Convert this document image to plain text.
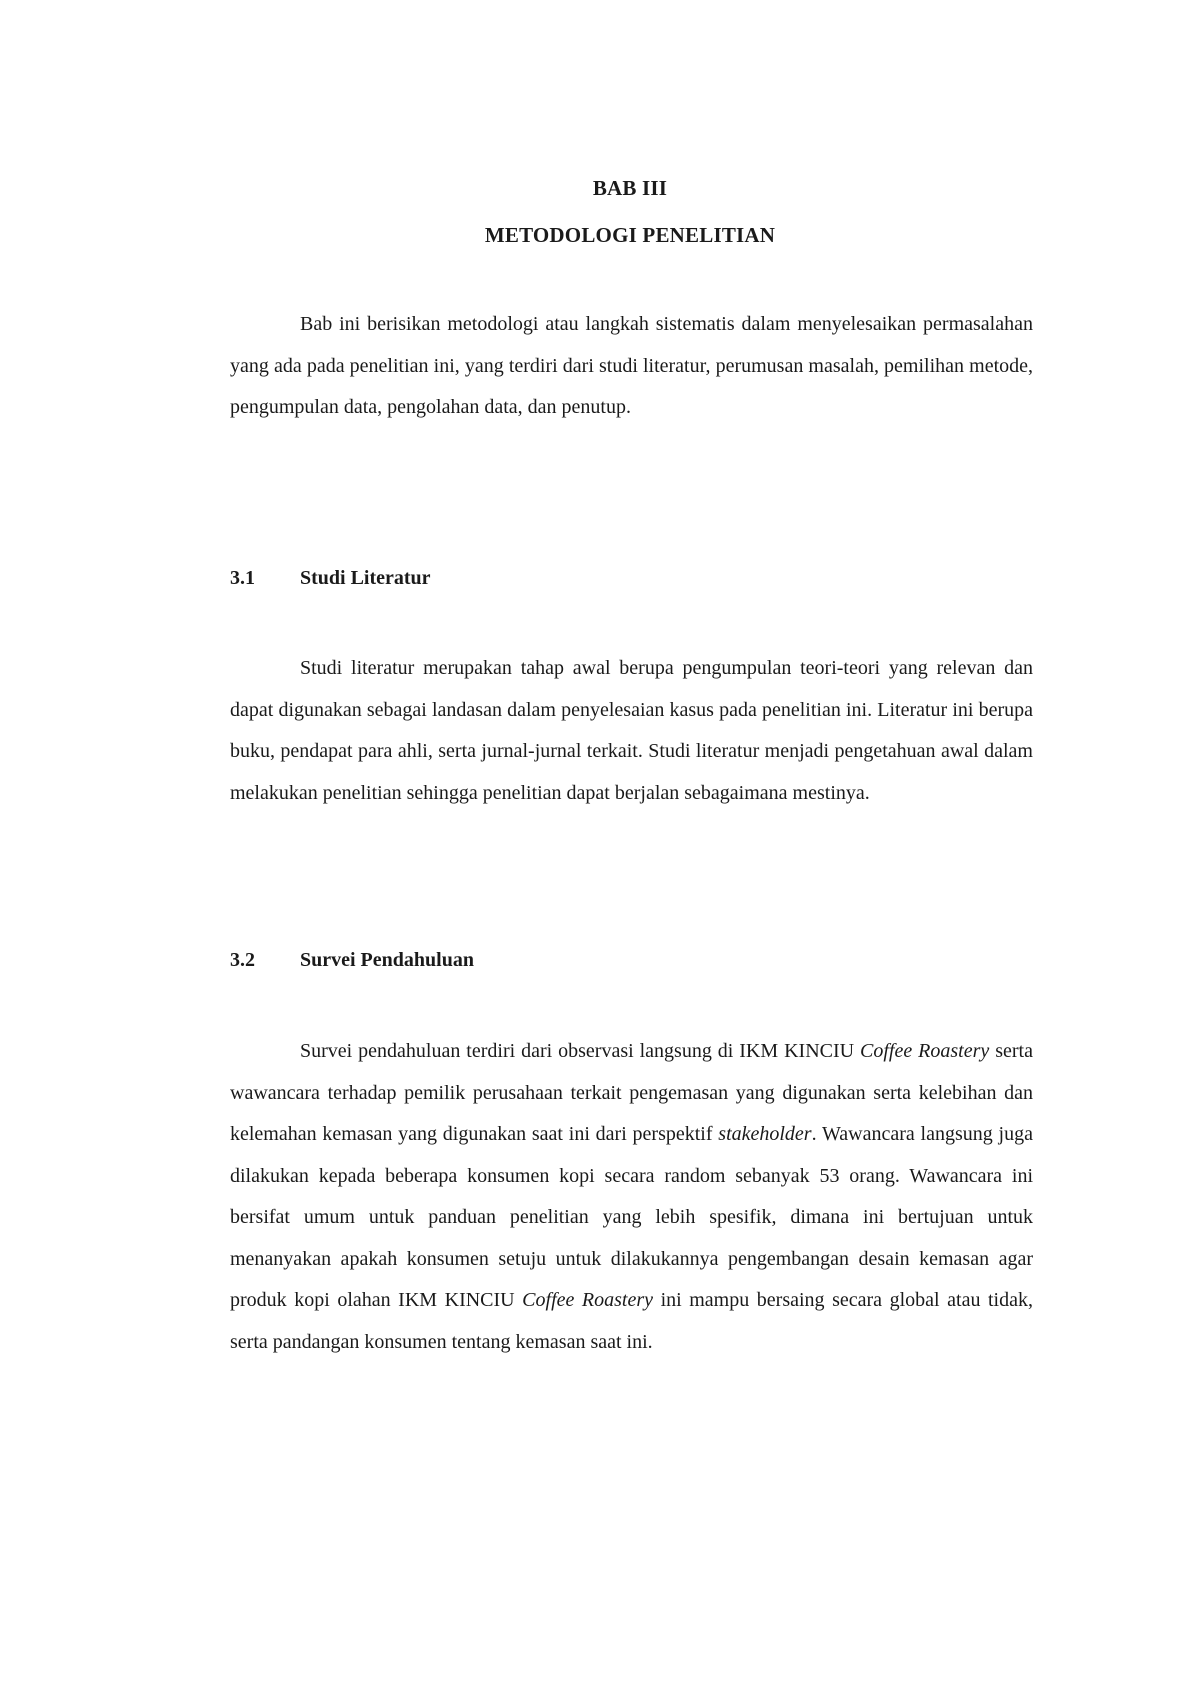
BAB III
METODOLOGI PENELITIAN

Bab ini berisikan metodologi atau langkah sistematis dalam menyelesaikan permasalahan yang ada pada penelitian ini, yang terdiri dari studi literatur, perumusan masalah, pemilihan metode, pengumpulan data, pengolahan data, dan penutup.

3.1 Studi Literatur

Studi literatur merupakan tahap awal berupa pengumpulan teori-teori yang relevan dan dapat digunakan sebagai landasan dalam penyelesaian kasus pada penelitian ini. Literatur ini berupa buku, pendapat para ahli, serta jurnal-jurnal terkait. Studi literatur menjadi pengetahuan awal dalam melakukan penelitian sehingga penelitian dapat berjalan sebagaimana mestinya.

3.2 Survei Pendahuluan

Survei pendahuluan terdiri dari observasi langsung di IKM KINCIU Coffee Roastery serta wawancara terhadap pemilik perusahaan terkait pengemasan yang digunakan serta kelebihan dan kelemahan kemasan yang digunakan saat ini dari perspektif stakeholder. Wawancara langsung juga dilakukan kepada beberapa konsumen kopi secara random sebanyak 53 orang. Wawancara ini bersifat umum untuk panduan penelitian yang lebih spesifik, dimana ini bertujuan untuk menanyakan apakah konsumen setuju untuk dilakukannya pengembangan desain kemasan agar produk kopi olahan IKM KINCIU Coffee Roastery ini mampu bersaing secara global atau tidak, serta pandangan konsumen tentang kemasan saat ini.
